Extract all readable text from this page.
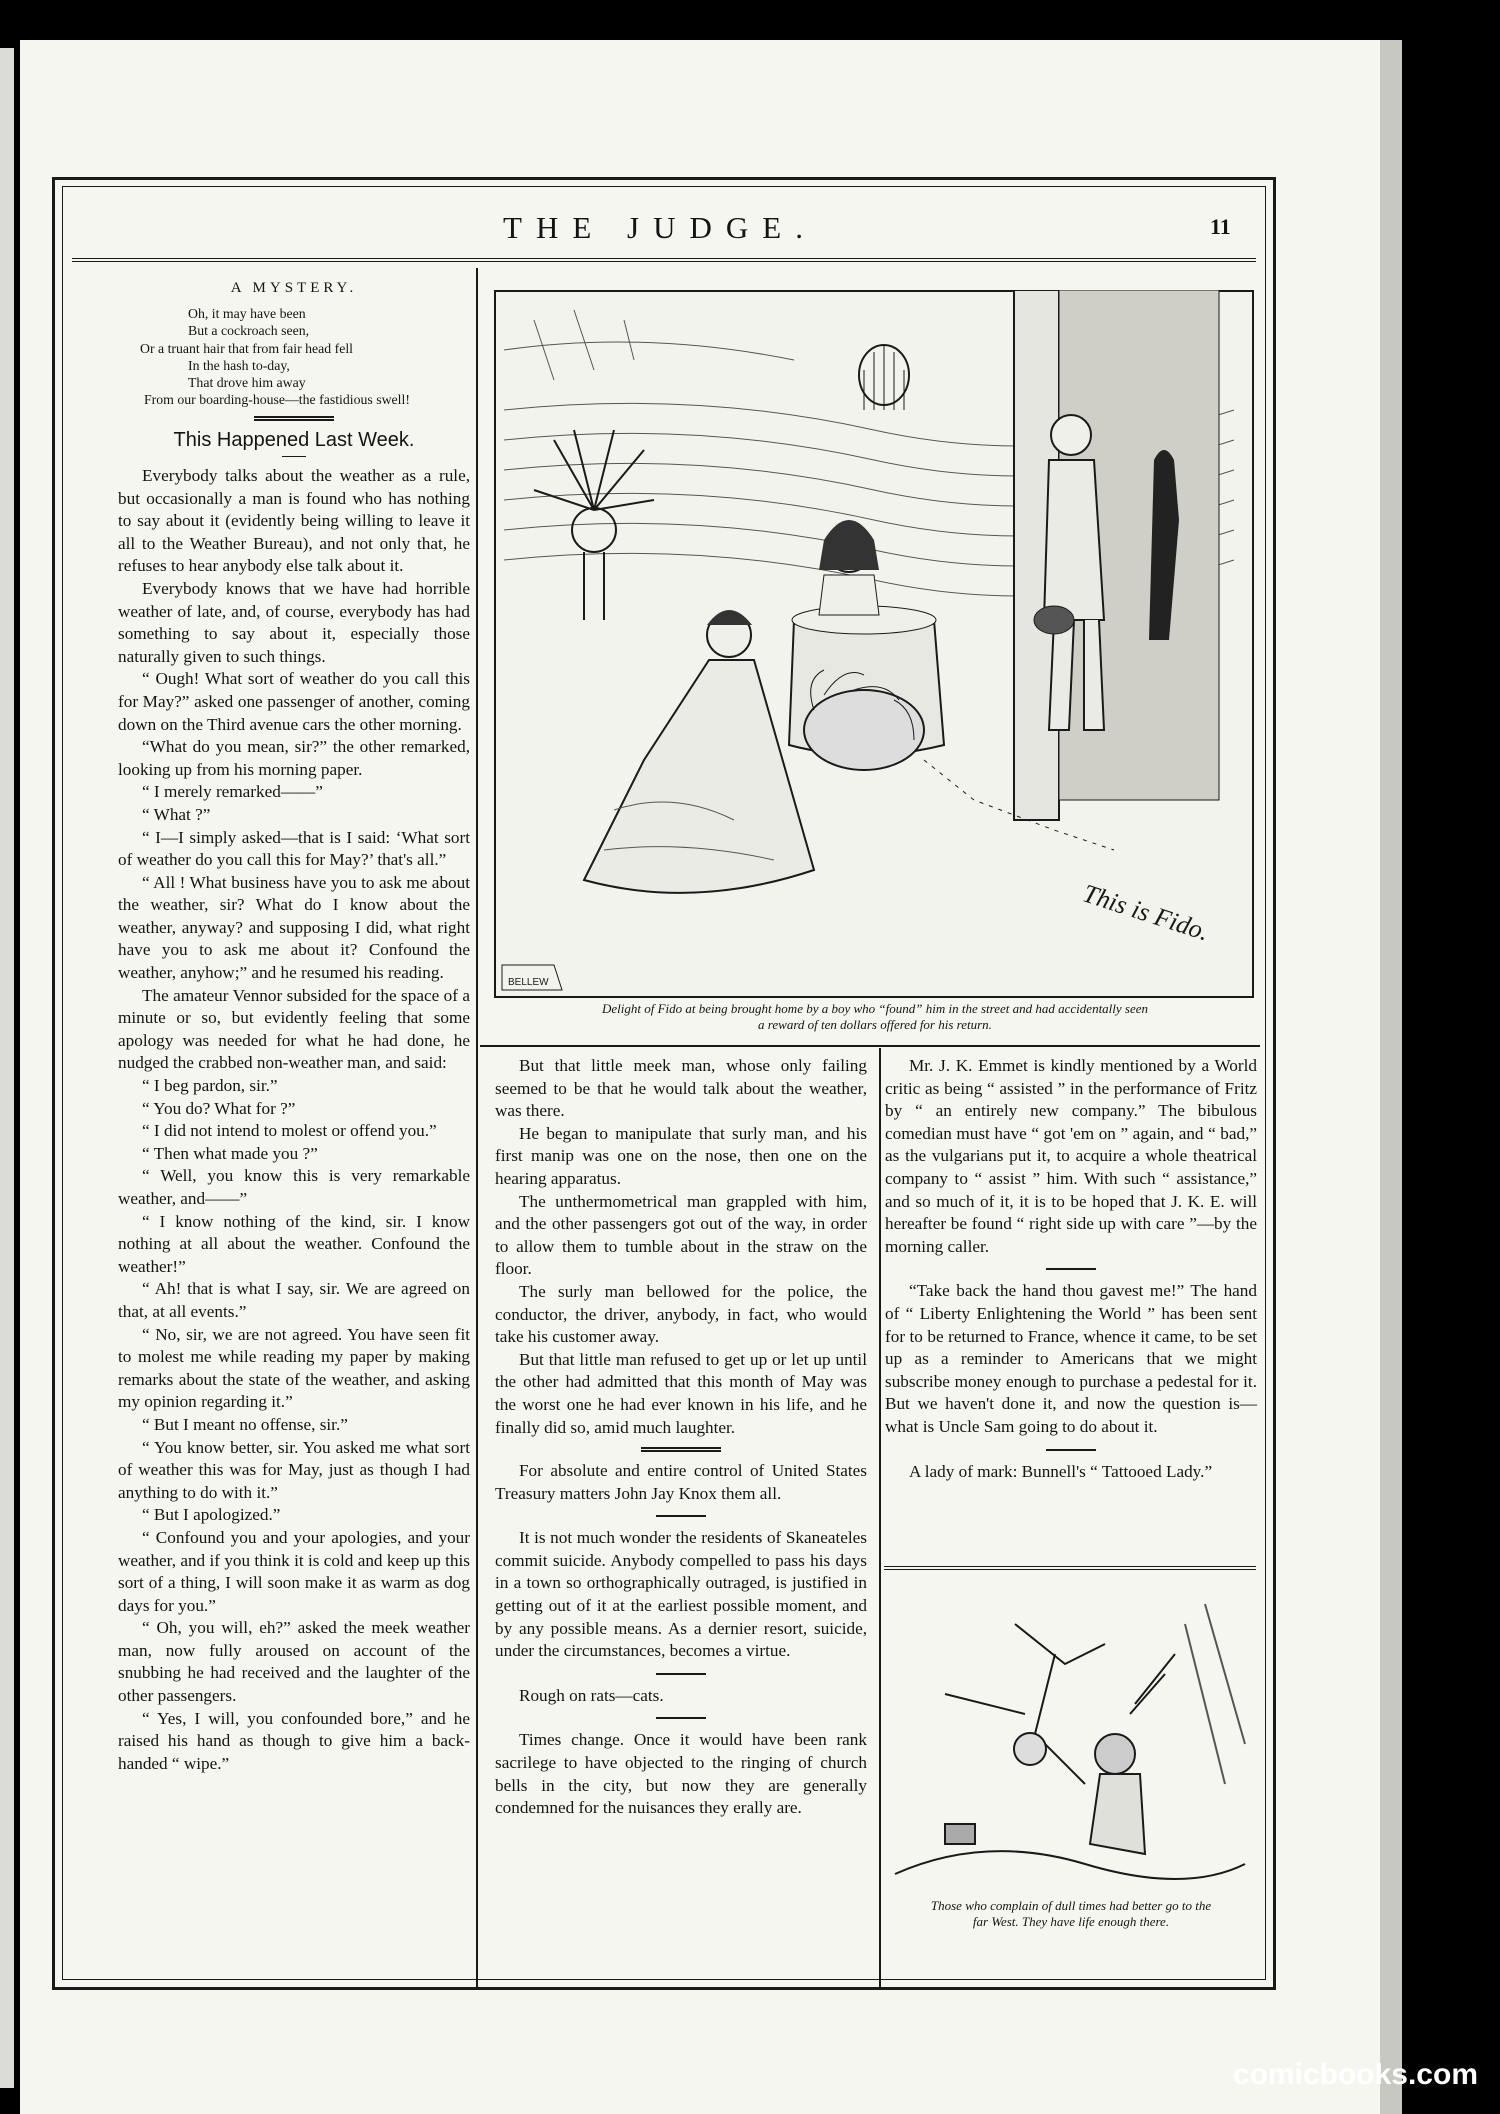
THE JUDGE.	11
A MYSTERY.
Oh, it may have been
But a cockroach seen,
Or a truant hair that from fair head fell
In the hash to-day,
That drove him away
From our boarding-house—the fastidious swell!
This Happened Last Week.

Everybody talks about the weather as a rule, but occasionally a man is found who has nothing to say about it (evidently being willing to leave it all to the Weather Bureau), and not only that, he refuses to hear anybody else talk about it.

Everybody knows that we have had horrible weather of late, and, of course, everybody has had something to say about it, especially those naturally given to such things.

“ Ough! What sort of weather do you call this for May?” asked one passenger of another, coming down on the Third avenue cars the other morning.

“What do you mean, sir?” the other remarked, looking up from his morning paper.

“ I merely remarked——”

“ What ?”

“ I—I simply asked—that is I said: ‘What sort of weather do you call this for May?’ that's all.”

“ All ! What business have you to ask me about the weather, sir? What do I know about the weather, anyway? and supposing I did, what right have you to ask me about it? Confound the weather, anyhow;” and he resumed his reading.

The amateur Vennor subsided for the space of a minute or so, but evidently feeling that some apology was needed for what he had done, he nudged the crabbed non-weather man, and said:

“ I beg pardon, sir.”

“ You do? What for ?”

“ I did not intend to molest or offend you.”

“ Then what made you ?”

“ Well, you know this is very remarkable weather, and——”

“ I know nothing of the kind, sir. I know nothing at all about the weather. Confound the weather!”

“ Ah! that is what I say, sir. We are agreed on that, at all events.”

“ No, sir, we are not agreed. You have seen fit to molest me while reading my paper by making remarks about the state of the weather, and asking my opinion regarding it.”

“ But I meant no offense, sir.”

“ You know better, sir. You asked me what sort of weather this was for May, just as though I had anything to do with it.”

“ But I apologized.”

“ Confound you and your apologies, and your weather, and if you think it is cold and keep up this sort of a thing, I will soon make it as warm as dog days for you.”

“ Oh, you will, eh?” asked the meek weather man, now fully aroused on account of the snubbing he had received and the laughter of the other passengers.

“ Yes, I will, you confounded bore,” and he raised his hand as though to give him a back-handed “ wipe.”

This is Fido.
BELLEW
Delight of Fido at being brought home by a boy who “found” him in the street and had accidentally seen
a reward of ten dollars offered for his return.

But that little meek man, whose only failing seemed to be that he would talk about the weather, was there.

He began to manipulate that surly man, and his first manip was one on the nose, then one on the hearing apparatus.

The unthermometrical man grappled with him, and the other passengers got out of the way, in order to allow them to tumble about in the straw on the floor.

The surly man bellowed for the police, the conductor, the driver, anybody, in fact, who would take his customer away.

But that little man refused to get up or let up until the other had admitted that this month of May was the worst one he had ever known in his life, and he finally did so, amid much laughter.

For absolute and entire control of United States Treasury matters John Jay Knox them all.

It is not much wonder the residents of Skaneateles commit suicide. Anybody compelled to pass his days in a town so orthographically outraged, is justified in getting out of it at the earliest possible moment, and by any possible means. As a dernier resort, suicide, under the circumstances, becomes a virtue.

Rough on rats—cats.

Times change. Once it would have been rank sacrilege to have objected to the ringing of church bells in the city, but now they are generally condemned for the nuisances they erally are.

Mr. J. K. Emmet is kindly mentioned by a World critic as being “ assisted ” in the performance of Fritz by “ an entirely new company.” The bibulous comedian must have “ got 'em on ” again, and “ bad,” as the vulgarians put it, to acquire a whole theatrical company to “ assist ” him. With such “ assistance,” and so much of it, it is to be hoped that J. K. E. will hereafter be found “ right side up with care ”—by the morning caller.

“Take back the hand thou gavest me!” The hand of “ Liberty Enlightening the World ” has been sent for to be returned to France, whence it came, to be set up as a reminder to Americans that we might subscribe money enough to purchase a pedestal for it. But we haven't done it, and now the question is—what is Uncle Sam going to do about it.

A lady of mark: Bunnell's “ Tattooed Lady.”

Those who complain of dull times had better go to the
far West. They have life enough there.
comicbooks.com
